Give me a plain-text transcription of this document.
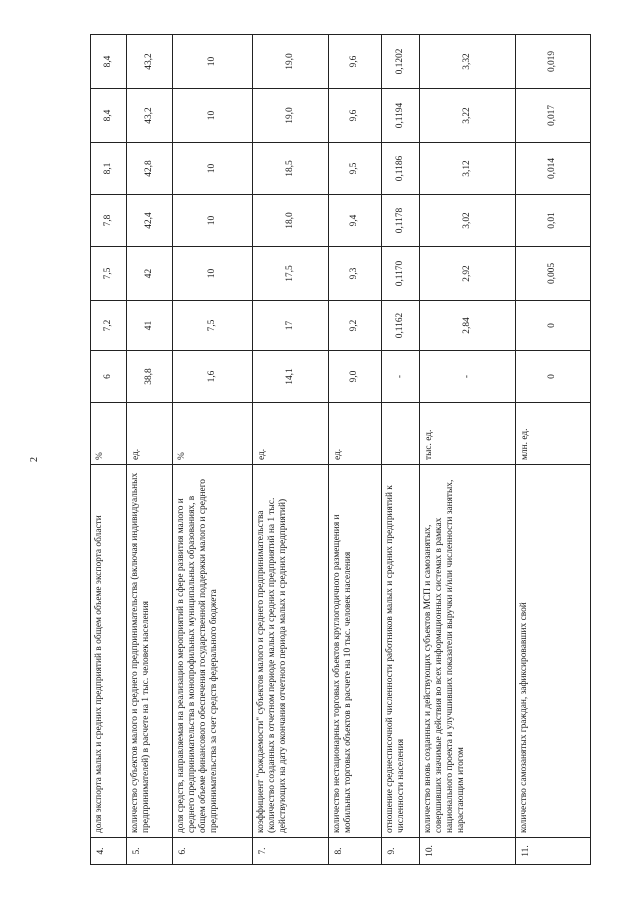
2
4.	доля экспорта малых и средних предприятий в общем объеме экспорта области	%	6	7,2	7,5	7,8	8,1	8,4	8,4
5.	количество субъектов малого и среднего предпринимательства (включая индивидуальных предпринимателей) в расчете на 1 тыс. человек населения	ед.	38,8	41	42	42,4	42,8	43,2	43,2
6.	доля средств, направляемая на реализацию мероприятий в сфере развития малого и среднего предпринимательства в монопрофильных муниципальных образованиях, в общем объеме финансового обеспечения государственной поддержки малого и среднего предпринимательства за счет средств федерального бюджета	%	1,6	7,5	10	10	10	10	10
7.	коэффициент "рождаемости" субъектов малого и среднего предпринимательства (количество созданных в отчетном периоде малых и средних предприятий на 1 тыс. действующих на дату окончания отчетного периода малых и средних предприятий)	ед.	14,1	17	17,5	18,0	18,5	19,0	19,0
8.	количество нестационарных торговых объектов круглогодичного размещения и мобильных торговых объектов в расчете на 10 тыс. человек населения	ед.	9,0	9,2	9,3	9,4	9,5	9,6	9,6
9.	отношение среднесписочной численности работников малых и средних предприятий к численности населения		-	0,1162	0,1170	0,1178	0,1186	0,1194	0,1202
10.	количество вновь созданных и действующих субъектов МСП и самозанятых, совершивших значимые действия во всех информационных системах в рамках национального проекта и улучшивших показатели выручки и/или численности занятых, нарастающим итогом	тыс. ед.	-	2,84	2,92	3,02	3,12	3,22	3,32
11.	количество самозанятых граждан, зафиксировавших свой	млн. ед.	0	0	0,005	0,01	0,014	0,017	0,019
